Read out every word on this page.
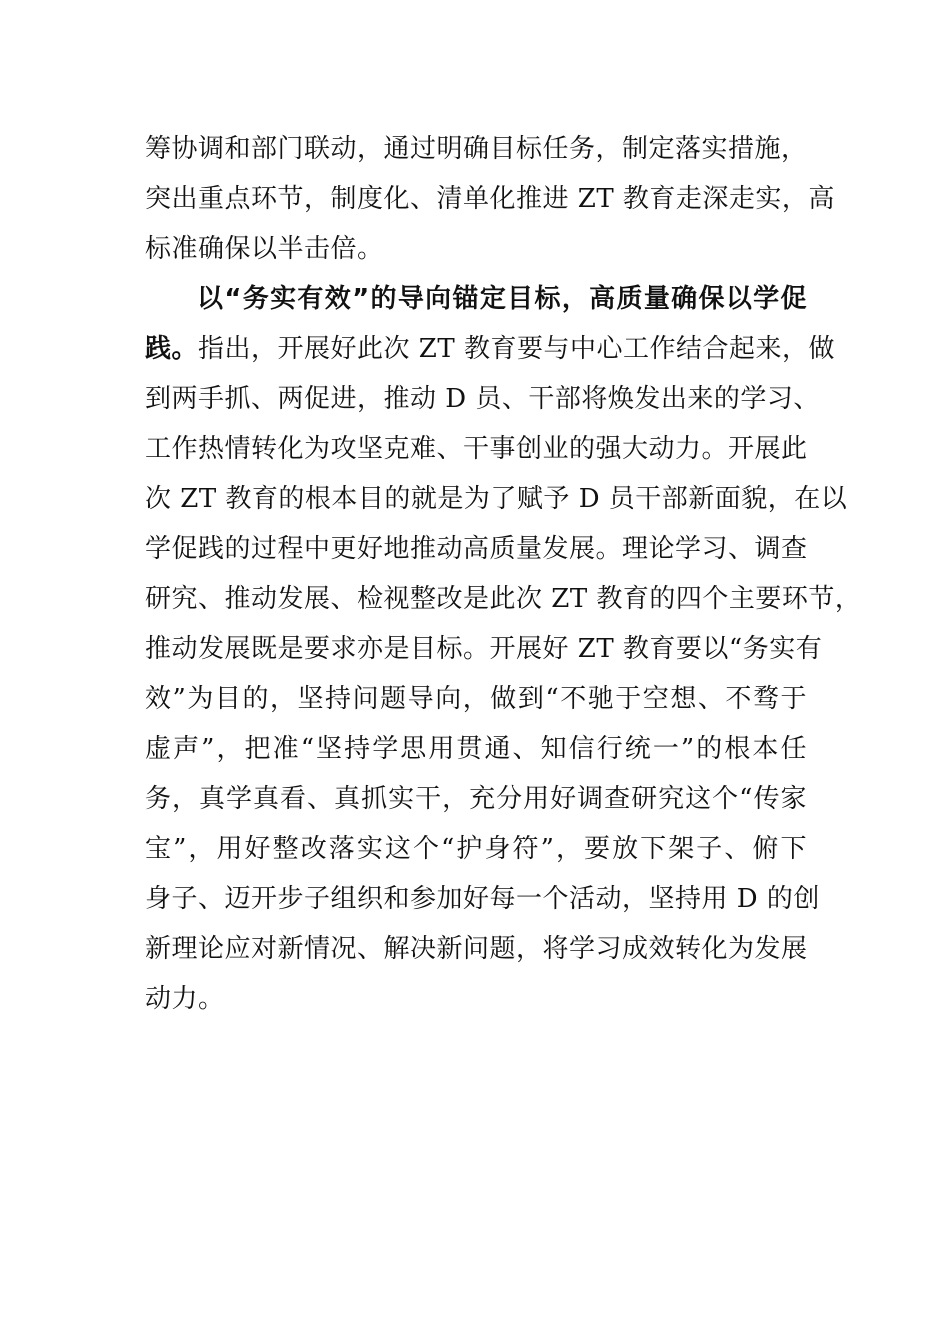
筹协调和部门联动，通过明确目标任务，制定落实措施，
突出重点环节，制度化、清单化推进 ZT 教育走深走实，高
标准确保以半击倍。
以“务实有效”的导向锚定目标，高质量确保以学促
践。指出，开展好此次 ZT 教育要与中心工作结合起来，做
到两手抓、两促进，推动 D 员、干部将焕发出来的学习、
工作热情转化为攻坚克难、干事创业的强大动力。开展此
次 ZT 教育的根本目的就是为了赋予 D 员干部新面貌，在以
学促践的过程中更好地推动高质量发展。理论学习、调查
研究、推动发展、检视整改是此次 ZT 教育的四个主要环节，
推动发展既是要求亦是目标。开展好 ZT 教育要以“务实有
效”为目的，坚持问题导向，做到“不驰于空想、不骛于
虚声”，把准“坚持学思用贯通、知信行统一”的根本任
务，真学真看、真抓实干，充分用好调查研究这个“传家
宝”，用好整改落实这个“护身符”，要放下架子、俯下
身子、迈开步子组织和参加好每一个活动，坚持用 D 的创
新理论应对新情况、解决新问题，将学习成效转化为发展
动力。
